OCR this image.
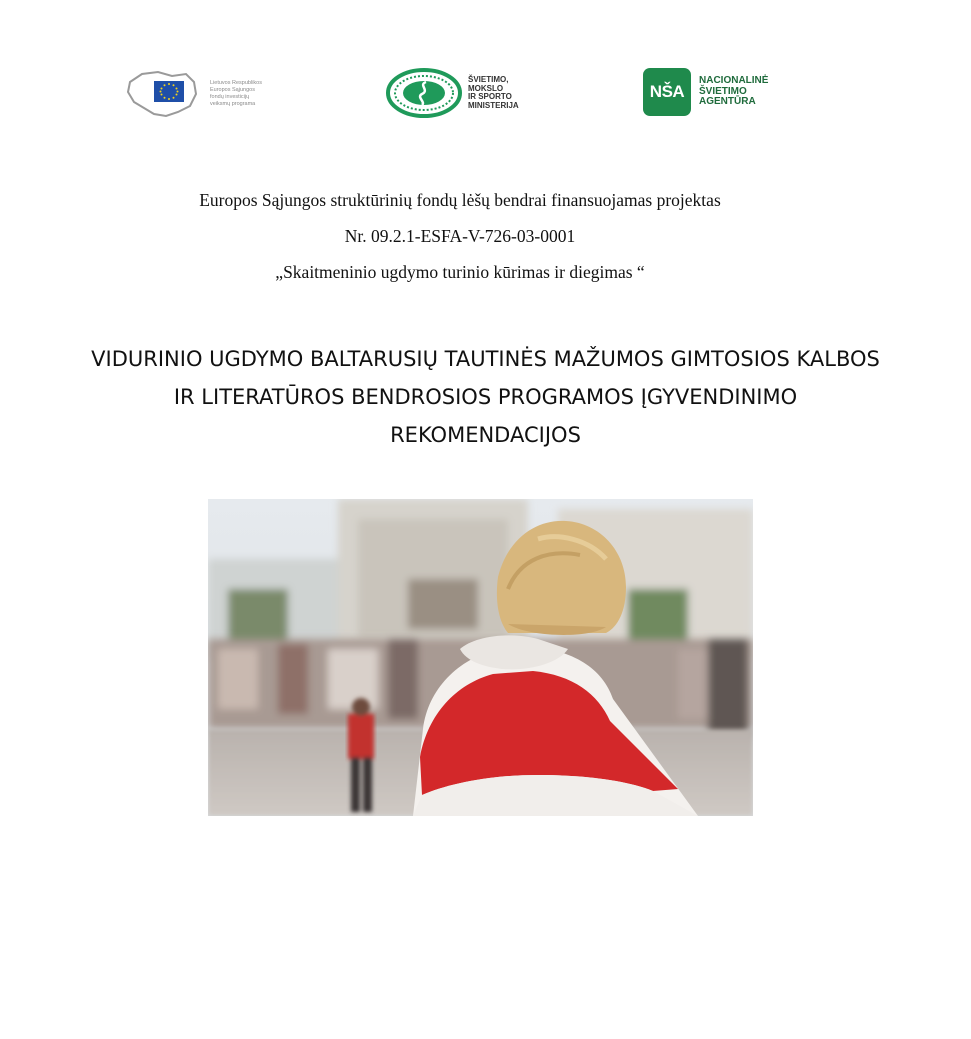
Lietuvos Respublikos
Europos Sąjungos
fondų investicijų
veiksmų programa
ŠVIETIMO,
MOKSLO
IR SPORTO
MINISTERIJA
NŠA
NACIONALINĖ
ŠVIETIMO
AGENTŪRA
Europos Sąjungos struktūrinių fondų lėšų bendrai finansuojamas projektas
Nr. 09.2.1-ESFA-V-726-03-0001
„Skaitmeninio ugdymo turinio kūrimas ir diegimas “
VIDURINIO UGDYMO BALTARUSIŲ TAUTINĖS MAŽUMOS GIMTOSIOS KALBOS
IR LITERATŪROS BENDROSIOS PROGRAMOS ĮGYVENDINIMO
REKOMENDACIJOS
